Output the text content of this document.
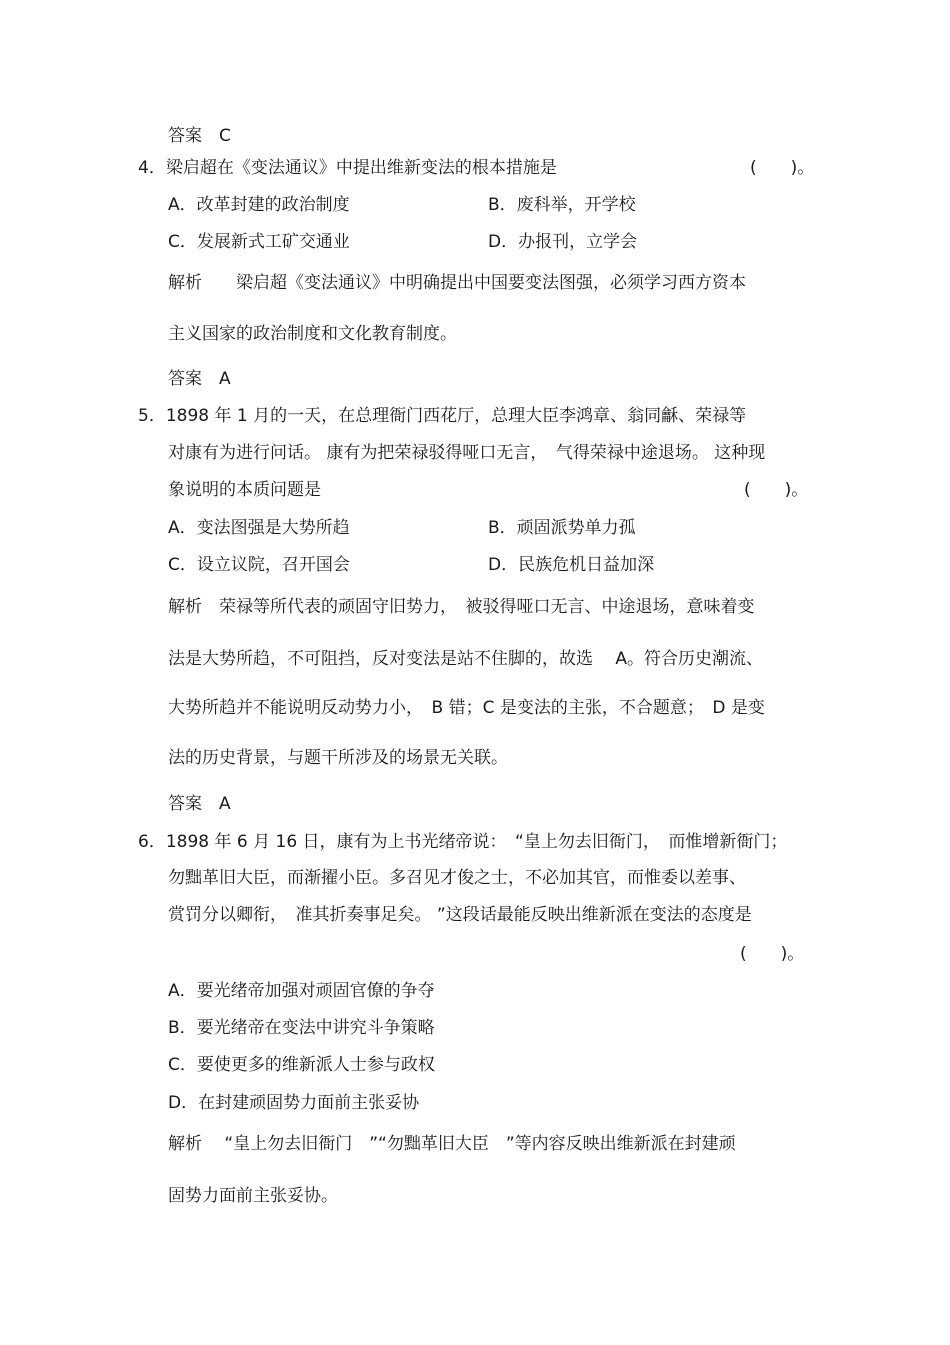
答案　C
4．梁启超在《变法通议》中提出维新变法的根本措施是	(　　)。
A．改革封建的政治制度	B．废科举，开学校
C．发展新式工矿交通业	D．办报刊，立学会
解析　　梁启超《变法通议》中明确提出中国要变法图强，必须学习西方资本
主义国家的政治制度和文化教育制度。
答案　A
5．1898 年 1 月的一天，在总理衙门西花厅，总理大臣李鸿章、翁同龢、荣禄等
对康有为进行问话。 康有为把荣禄驳得哑口无言，　气得荣禄中途退场。 这种现
象说明的本质问题是	(　　)。
A．变法图强是大势所趋	B．顽固派势单力孤
C．设立议院，召开国会	D．民族危机日益加深
解析　荣禄等所代表的顽固守旧势力，　被驳得哑口无言、中途退场，意味着变
法是大势所趋，不可阻挡，反对变法是站不住脚的，故选　 A。符合历史潮流、
大势所趋并不能说明反动势力小，　B 错；C 是变法的主张，不合题意；　D 是变
法的历史背景，与题干所涉及的场景无关联。
答案　A
6．1898 年 6 月 16 日，康有为上书光绪帝说：　“皇上勿去旧衙门，　而惟增新衙门；
勿黜革旧大臣，而渐擢小臣。多召见才俊之士，不必加其官，而惟委以差事、
赏罚分以卿衔，　准其折奏事足矣。 ”这段话最能反映出维新派在变法的态度是
(　　)。
A．要光绪帝加强对顽固官僚的争夺
B．要光绪帝在变法中讲究斗争策略
C．要使更多的维新派人士参与政权
D．在封建顽固势力面前主张妥协
解析　 “皇上勿去旧衙门　”“勿黜革旧大臣　”等内容反映出维新派在封建顽
固势力面前主张妥协。
